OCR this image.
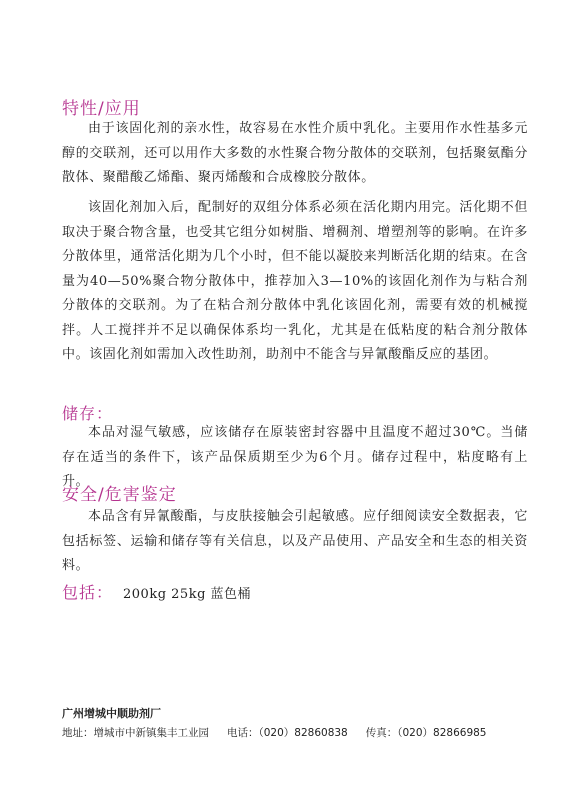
特性/应用

由于该固化剂的亲水性，故容易在水性介质中乳化。主要用作水性基多元醇的交联剂，还可以用作大多数的水性聚合物分散体的交联剂，包括聚氨酯分散体、聚醋酸乙烯酯、聚丙烯酸和合成橡胶分散体。

该固化剂加入后，配制好的双组分体系必须在活化期内用完。活化期不但取决于聚合物含量，也受其它组分如树脂、增稠剂、增塑剂等的影响。在许多分散体里，通常活化期为几个小时，但不能以凝胶来判断活化期的结束。在含量为40—50%聚合物分散体中，推荐加入3—10%的该固化剂作为与粘合剂分散体的交联剂。为了在粘合剂分散体中乳化该固化剂，需要有效的机械搅拌。人工搅拌并不足以确保体系均一乳化，尤其是在低粘度的粘合剂分散体中。该固化剂如需加入改性助剂，助剂中不能含与异氰酸酯反应的基团。

储存：

本品对湿气敏感，应该储存在原装密封容器中且温度不超过30℃。当储存在适当的条件下，该产品保质期至少为6个月。储存过程中，粘度略有上升。

安全/危害鉴定

本品含有异氰酸酯，与皮肤接触会引起敏感。应仔细阅读安全数据表，它包括标签、运输和储存等有关信息，以及产品使用、产品安全和生态的相关资料。

包括： 200kg 25kg 蓝色桶
广州增城中顺助剂厂
地址：增城市中新镇集丰工业园 电话：（020）82860838 传真：（020）82866985
